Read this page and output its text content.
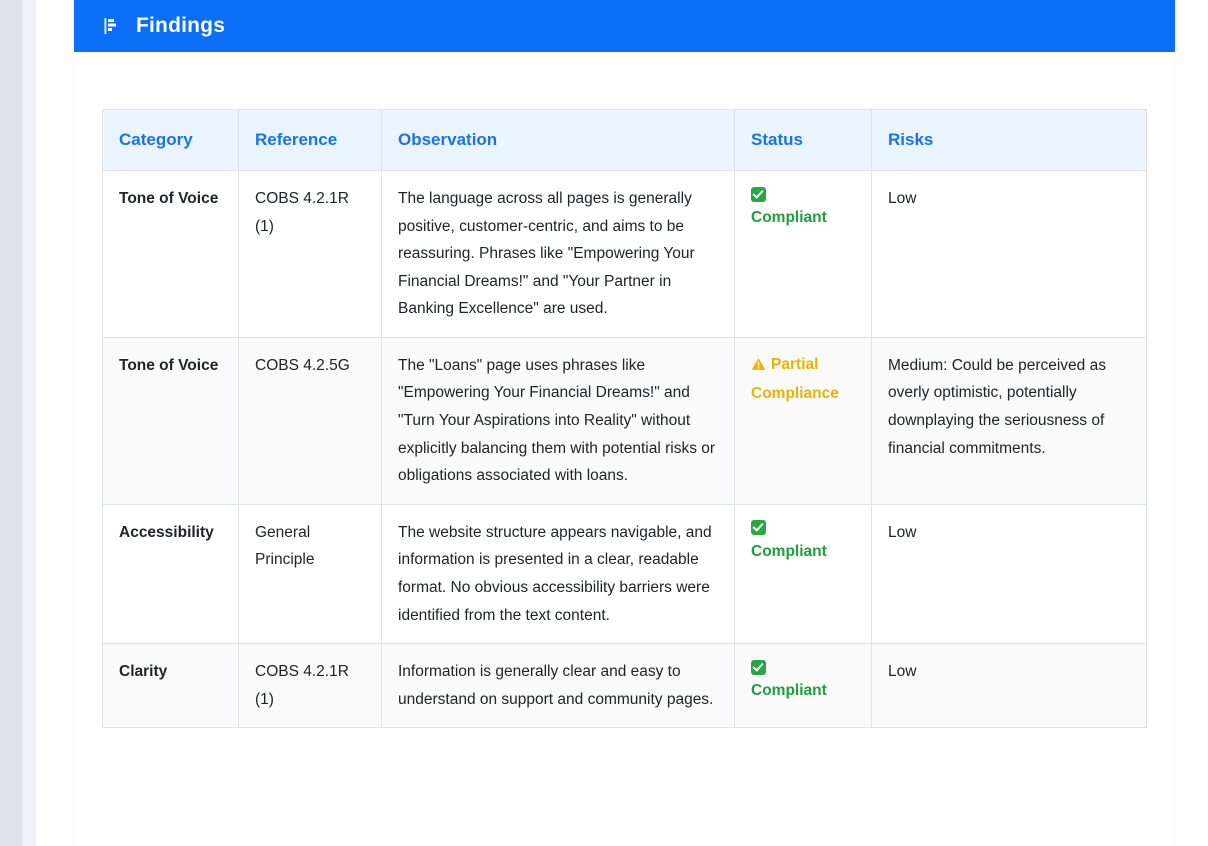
Findings
Category	Reference	Observation	Status	Risks
Tone of Voice	COBS 4.2.1R (1)	The language across all pages is generally positive, customer-centric, and aims to be reassuring. Phrases like "Empowering Your Financial Dreams!" and "Your Partner in Banking Excellence" are used.	Compliant	Low
Tone of Voice	COBS 4.2.5G	The "Loans" page uses phrases like "Empowering Your Financial Dreams!" and "Turn Your Aspirations into Reality" without explicitly balancing them with potential risks or obligations associated with loans.	Partial Compliance	Medium: Could be perceived as overly optimistic, potentially downplaying the seriousness of financial commitments.
Accessibility	General Principle	The website structure appears navigable, and information is presented in a clear, readable format. No obvious accessibility barriers were identified from the text content.	Compliant	Low
Clarity	COBS 4.2.1R (1)	Information is generally clear and easy to understand on support and community pages.	Compliant	Low
